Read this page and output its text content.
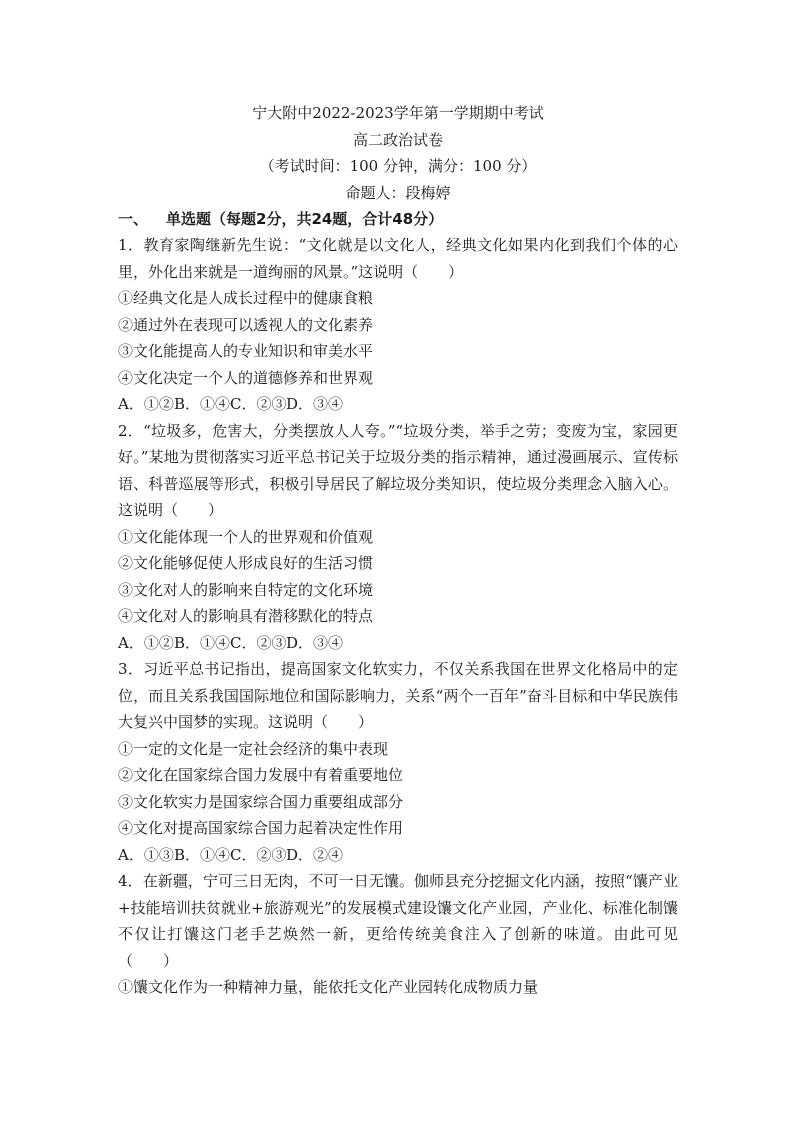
宁大附中2022-2023学年第一学期期中考试
高二政治试卷
（考试时间：100 分钟，满分：100 分）
命题人：段梅婷
一、 单选题（每题2分，共24题，合计48分）
1．教育家陶继新先生说：“文化就是以文化人，经典文化如果内化到我们个体的心里，外化出来就是一道绚丽的风景。”这说明（　　）
①经典文化是人成长过程中的健康食粮
②通过外在表现可以透视人的文化素养
③文化能提高人的专业知识和审美水平
④文化决定一个人的道德修养和世界观
A．①②B．①④C．②③D．③④
2．“垃圾多，危害大，分类摆放人人夸。”“垃圾分类，举手之劳；变废为宝，家园更好。”某地为贯彻落实习近平总书记关于垃圾分类的指示精神，通过漫画展示、宣传标语、科普巡展等形式，积极引导居民了解垃圾分类知识，使垃圾分类理念入脑入心。这说明（　　）
①文化能体现一个人的世界观和价值观
②文化能够促使人形成良好的生活习惯
③文化对人的影响来自特定的文化环境
④文化对人的影响具有潜移默化的特点
A．①②B．①④C．②③D．③④
3．习近平总书记指出，提高国家文化软实力，不仅关系我国在世界文化格局中的定位，而且关系我国国际地位和国际影响力，关系“两个一百年”奋斗目标和中华民族伟大复兴中国梦的实现。这说明（　　）
①一定的文化是一定社会经济的集中表现
②文化在国家综合国力发展中有着重要地位
③文化软实力是国家综合国力重要组成部分
④文化对提高国家综合国力起着决定性作用
A．①③B．①④C．②③D．②④
4．在新疆，宁可三日无肉，不可一日无馕。伽师县充分挖掘文化内涵，按照“馕产业+技能培训扶贫就业+旅游观光”的发展模式建设馕文化产业园，产业化、标准化制馕不仅让打馕这门老手艺焕然一新，更给传统美食注入了创新的味道。由此可见（　　）
①馕文化作为一种精神力量，能依托文化产业园转化成物质力量
